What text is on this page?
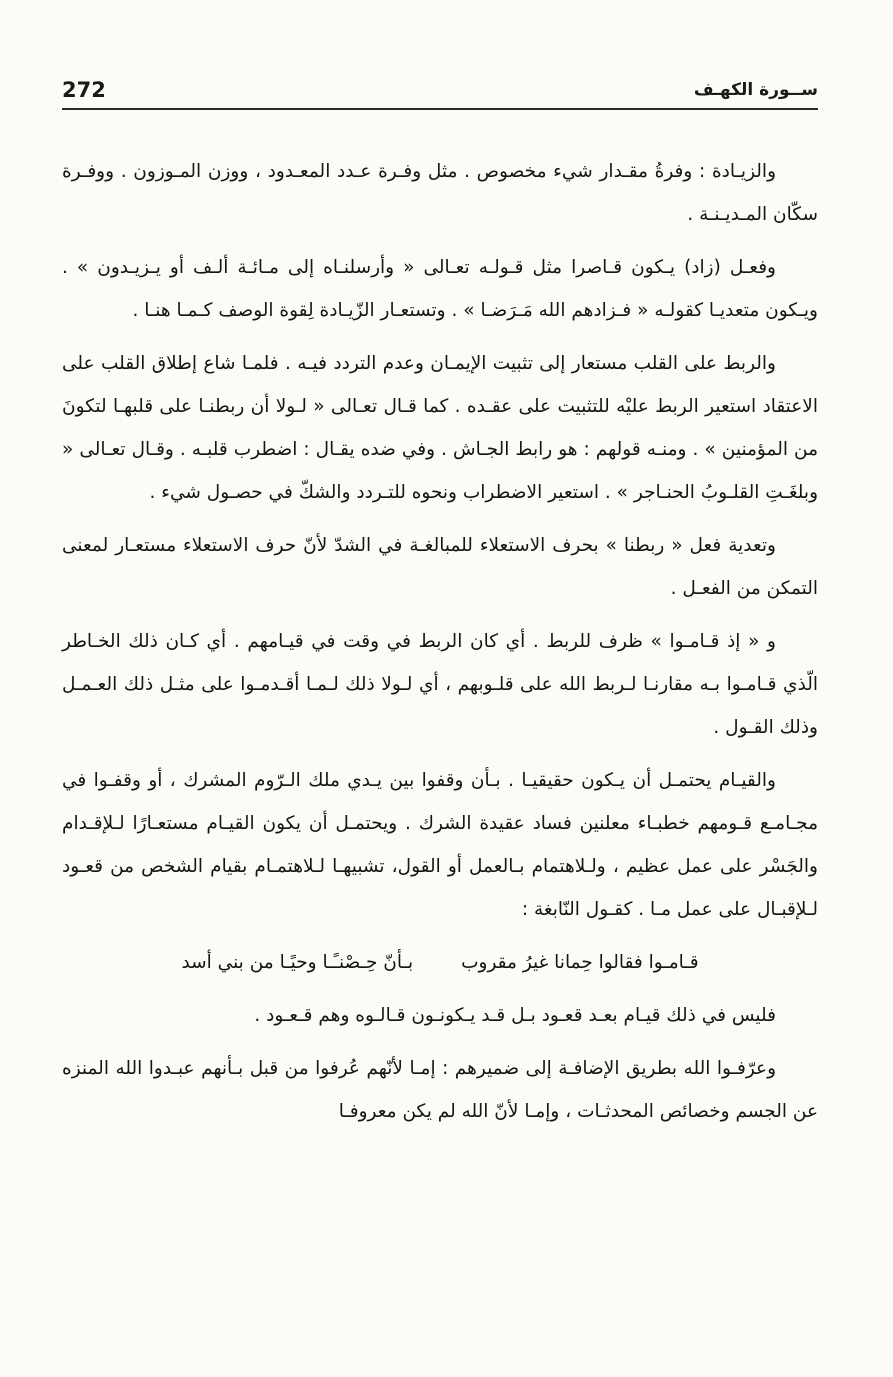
272	ســورة الكهـف

والزيـادة : وفرةُ مقـدار شيء مخصوص . مثل وفـرة عـدد المعـدود ، ووزن المـوزون . ووفـرة سكّان المـديـنـة .

وفعـل (زاد) يـكون قـاصرا مثل قـولـه تعـالى « وأرسلنـاه إلى مـائـة ألـف أو يـزيـدون » . ويـكون متعديـا كقولـه « فـزادهم الله مَـرَضـا » . وتستعـار الزّيـادة لِقوة الوصف كـمـا هنـا .

والربط على القلب مستعار إلى تثبيت الإيمـان وعدم التردد فيـه . فلمـا شاع إطلاق القلب على الاعتقاد استعير الربط عليْه للتثبيت على عقـده . كما قـال تعـالى « لـولا أن ربطنـا على قلبهـا لتكونَ من المؤمنين » . ومنـه قولهم : هو رابط الجـاش . وفي ضده يقـال : اضطرب قلبـه . وقـال تعـالى « وبلغَـتِ القلـوبُ الحنـاجر » . استعير الاضطراب ونحوه للتـردد والشكّ في حصـول شيء .

وتعدية فعل « ربطنا » بحرف الاستعلاء للمبالغـة في الشدّ لأنّ حرف الاستعلاء مستعـار لمعنى التمكن من الفعـل .

و « إذ قـامـوا » ظرف للربط . أي كان الربط في وقت في قيـامهم . أي كـان ذلك الخـاطر الّذي قـامـوا بـه مقارنـا لـربط الله على قلـوبهم ، أي لـولا ذلك لـمـا أقـدمـوا على مثـل ذلك العـمـل وذلك القـول .

والقيـام يحتمـل أن يـكون حقيقيـا . بـأن وقفوا بين يـدي ملك الـرّوم المشرك ، أو وقفـوا في مجـامـع قـومهم خطبـاء معلنين فساد عقيدة الشرك . ويحتمـل أن يكون القيـام مستعـارًا لـلإقـدام والجَسْر على عمل عظيم ، ولـلاهتمام بـالعمل أو القول، تشبيهـا لـلاهتمـام بقيام الشخص من قعـود لـلإقبـال على عمل مـا . كقـول النّابغة :

قـامـوا فقالوا حِمانا غيرُ مقروب
بـأنّ حِـصْنـًـا وحيًـا من بني أسد

فليس في ذلك قيـام بعـد قعـود بـل قـد يـكونـون قـالـوه وهم قـعـود .

وعرّفـوا الله بطريق الإضافـة إلى ضميرهم : إمـا لأنّهم عُرفوا من قبل بـأنهم عبـدوا الله المنزه عن الجسم وخصائص المحدثـات ، وإمـا لأنّ الله لم يكن معروفـا
